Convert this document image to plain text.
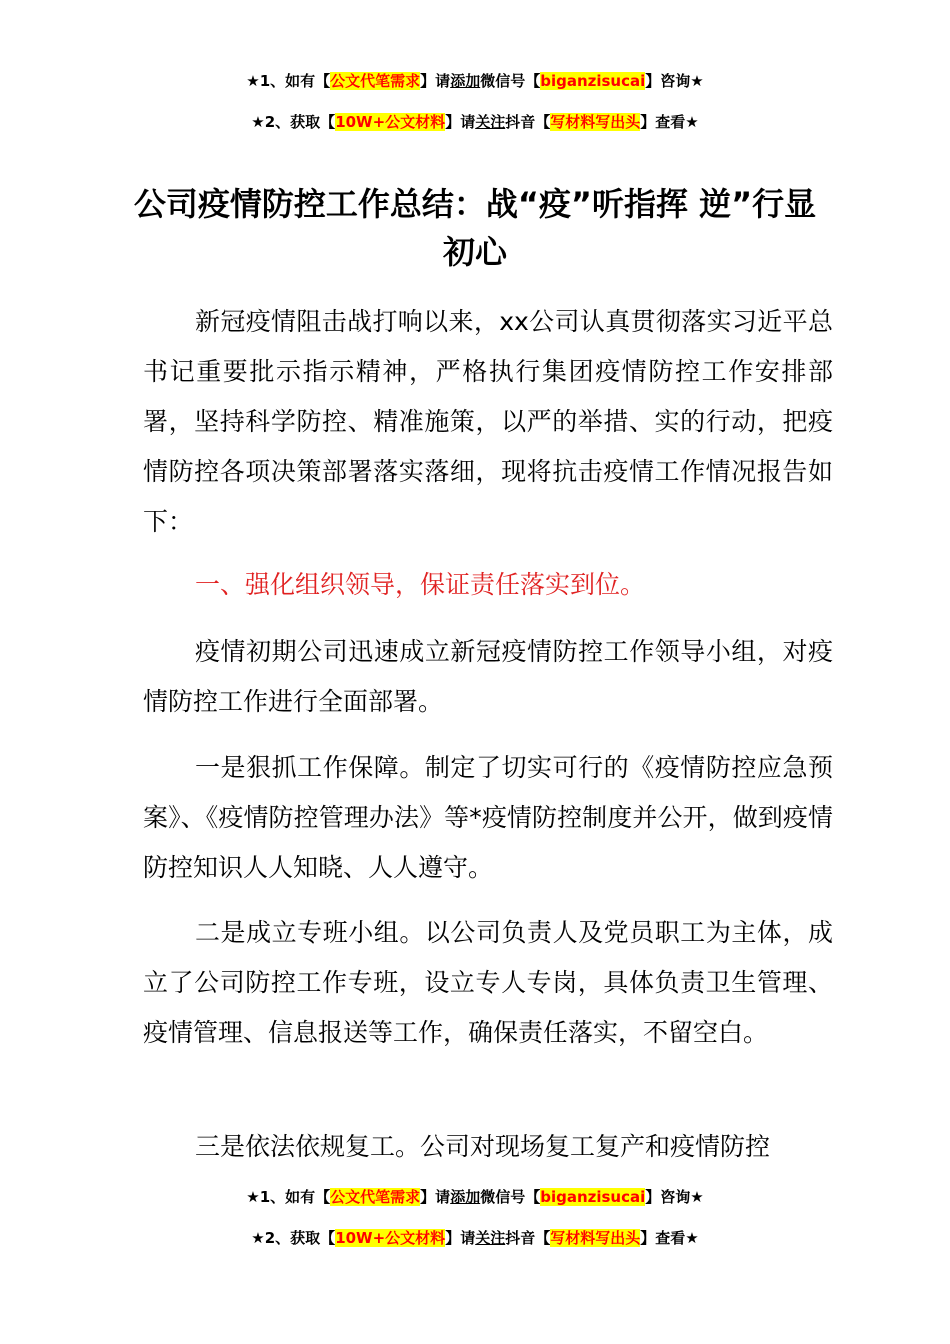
★1、如有【公文代笔需求】请添加微信号【biganzisucai】咨询★
★2、获取【10W+公文材料】请关注抖音【写材料写出头】查看★
公司疫情防控工作总结：战“疫”听指挥 逆”行显初心
新冠疫情阻击战打响以来，xx公司认真贯彻落实习近平总书记重要批示指示精神，严格执行集团疫情防控工作安排部署，坚持科学防控、精准施策，以严的举措、实的行动，把疫情防控各项决策部署落实落细，现将抗击疫情工作情况报告如下：
一、强化组织领导，保证责任落实到位。
疫情初期公司迅速成立新冠疫情防控工作领导小组，对疫情防控工作进行全面部署。
一是狠抓工作保障。制定了切实可行的《疫情防控应急预案》、《疫情防控管理办法》等*疫情防控制度并公开，做到疫情防控知识人人知晓、人人遵守。
二是成立专班小组。以公司负责人及党员职工为主体，成立了公司防控工作专班，设立专人专岗，具体负责卫生管理、疫情管理、信息报送等工作，确保责任落实，不留空白。
三是依法依规复工。公司对现场复工复产和疫情防控
★1、如有【公文代笔需求】请添加微信号【biganzisucai】咨询★
★2、获取【10W+公文材料】请关注抖音【写材料写出头】查看★
